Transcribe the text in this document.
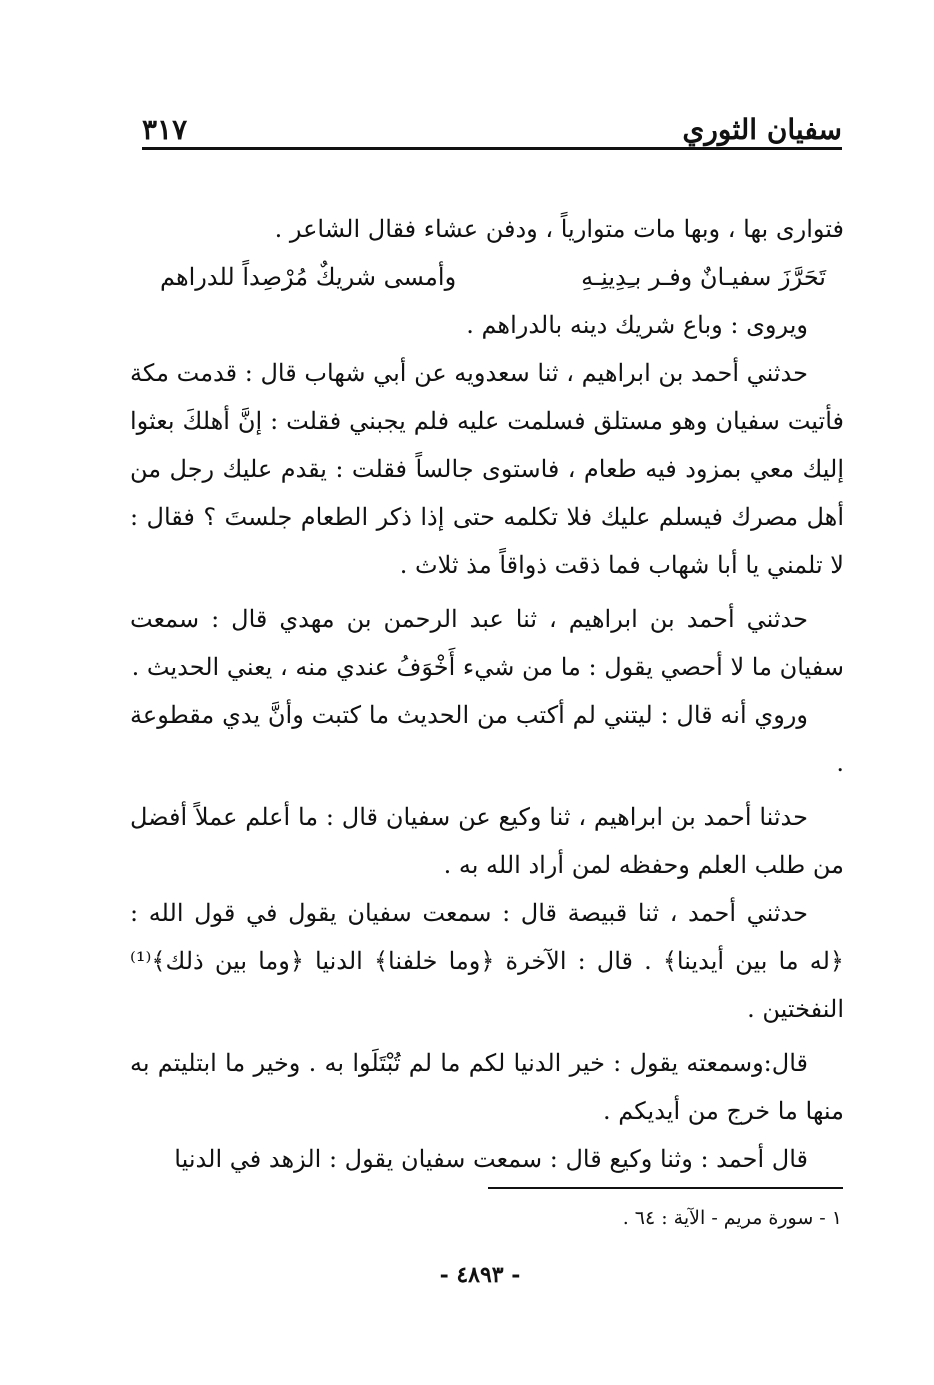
سفيان الثوري
٣١٧

فتوارى بها ، وبها مات متوارياً ، ودفن عشاء فقال الشاعر .

تَحَرَّزَ سفيـانٌ وفـر بـِدِينِـهِ
وأمسى شريكٌ مُرْصِداً للدراهم

ويروى : وباع شريك دينه بالدراهم .

حدثني أحمد بن ابراهيم ، ثنا سعدويه عن أبي شهاب قال : قدمت مكة فأتيت سفيان وهو مستلق فسلمت عليه فلم يجبني فقلت : إنَّ أهلكَ بعثوا إليك معي بمزود فيه طعام ، فاستوى جالساً فقلت : يقدم عليك رجل من أهل مصرك فيسلم عليك فلا تكلمه حتى إذا ذكر الطعام جلستَ ؟ فقال : لا تلمني يا أبا شهاب فما ذقت ذواقاً مذ ثلاث .

حدثني أحمد بن ابراهيم ، ثنا عبد الرحمن بن مهدي قال : سمعت سفيان ما لا أحصي يقول : ما من شيء أَخْوَفُ عندي منه ، يعني الحديث .

وروي أنه قال : ليتني لم أكتب من الحديث ما كتبت وأنَّ يدي مقطوعة .

حدثنا أحمد بن ابراهيم ، ثنا وكيع عن سفيان قال : ما أعلم عملاً أفضل من طلب العلم وحفظه لمن أراد الله به .

حدثني أحمد ، ثنا قبيصة قال : سمعت سفيان يقول في قول الله : ﴿له ما بين أيدينا﴾ . قال : الآخرة ﴿وما خلفنا﴾ الدنيا ﴿وما بين ذلك﴾⁽¹⁾ النفختين .

قال:وسمعته يقول : خير الدنيا لكم ما لم تُبْتَلَوا به . وخير ما ابتليتم به منها ما خرج من أيديكم .

قال أحمد : وثنا وكيع قال : سمعت سفيان يقول : الزهد في الدنيا

١ - سورة مريم - الآية : ٦٤ .
- ٤٨٩٣ -
